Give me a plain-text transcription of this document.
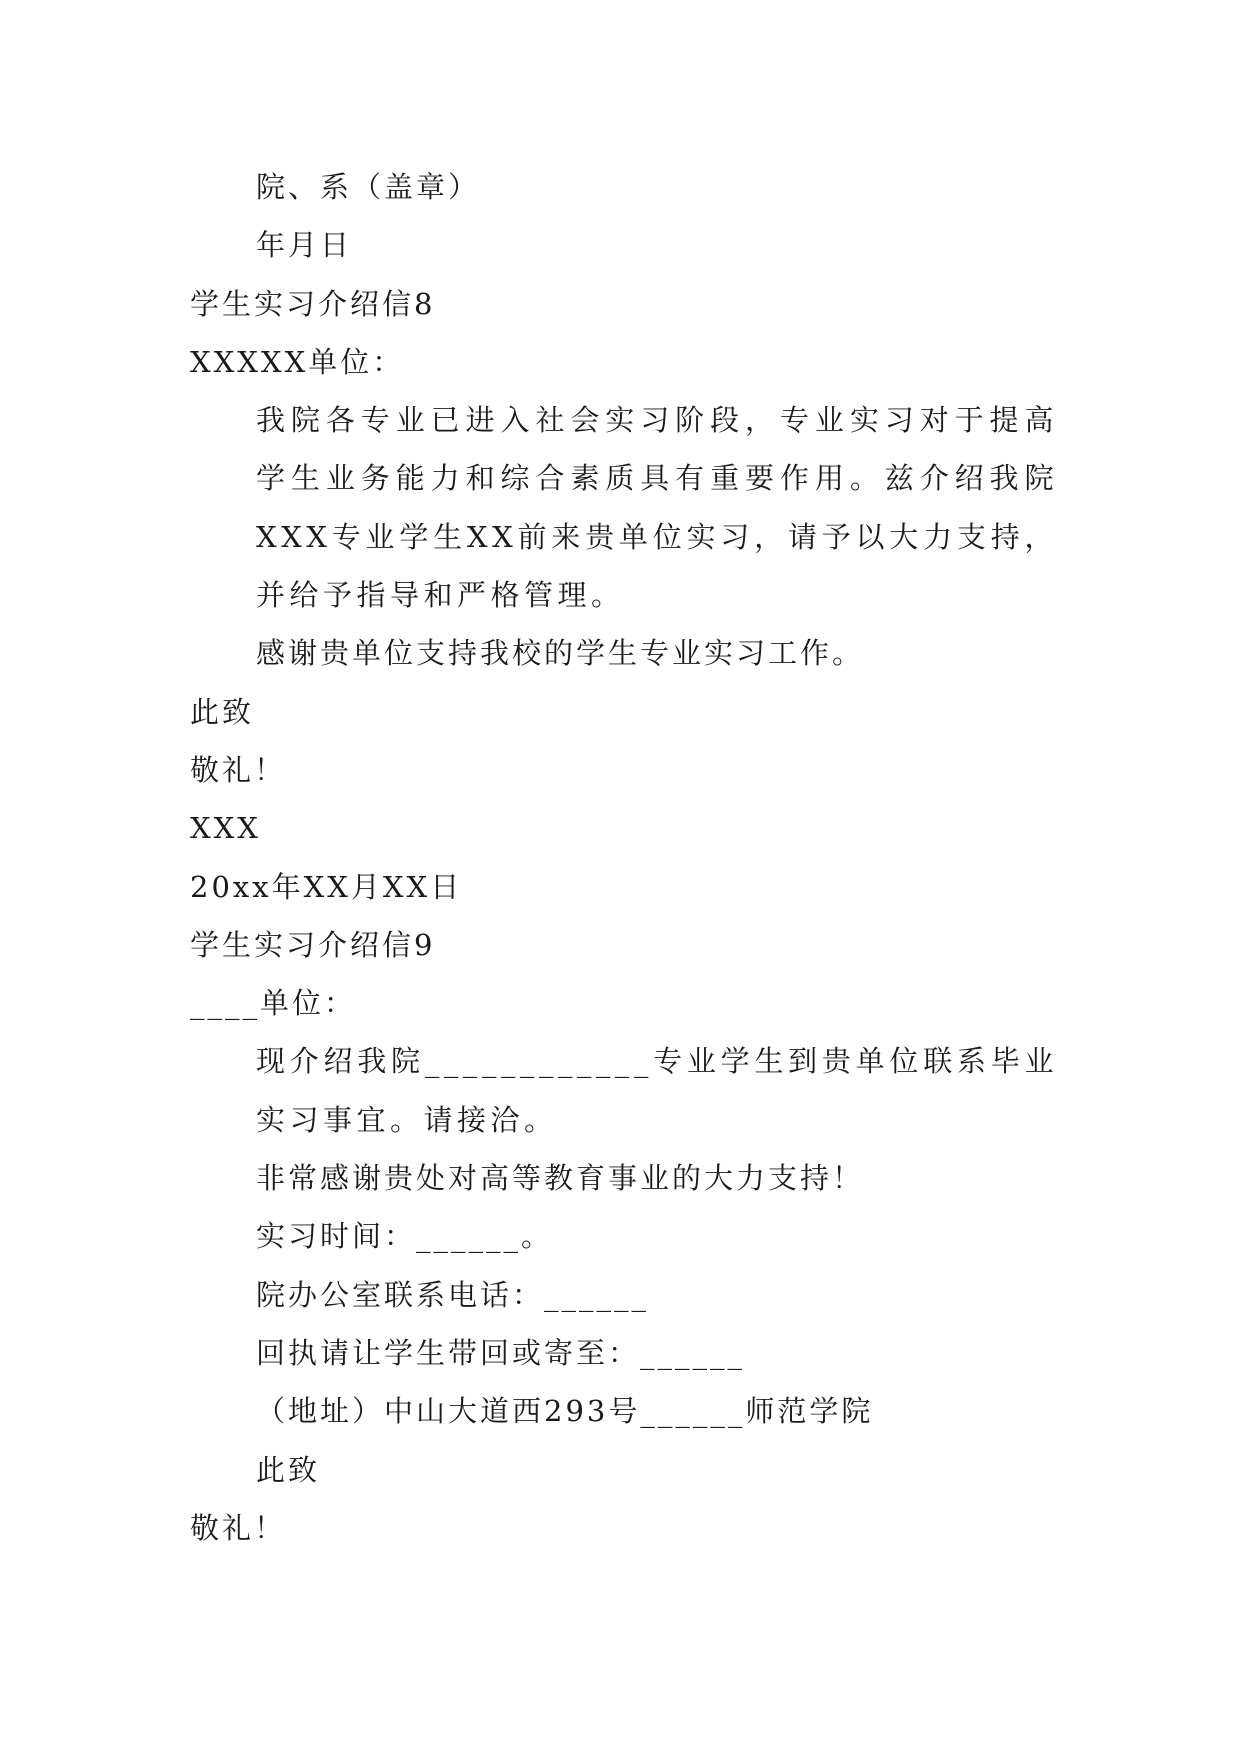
院、系（盖章）
年月日
学生实习介绍信8
XXXXX单位：
我院各专业已进入社会实习阶段，专业实习对于提高学生业务能力和综合素质具有重要作用。兹介绍我院XXX专业学生XX前来贵单位实习，请予以大力支持，并给予指导和严格管理。
感谢贵单位支持我校的学生专业实习工作。
此致
敬礼！
XXX
20xx年XX月XX日
学生实习介绍信9
____单位：
现介绍我院____________专业学生到贵单位联系毕业实习事宜。请接洽。
非常感谢贵处对高等教育事业的大力支持！
实习时间：______。
院办公室联系电话：______
回执请让学生带回或寄至：______
（地址）中山大道西293号______师范学院
此致
敬礼！
